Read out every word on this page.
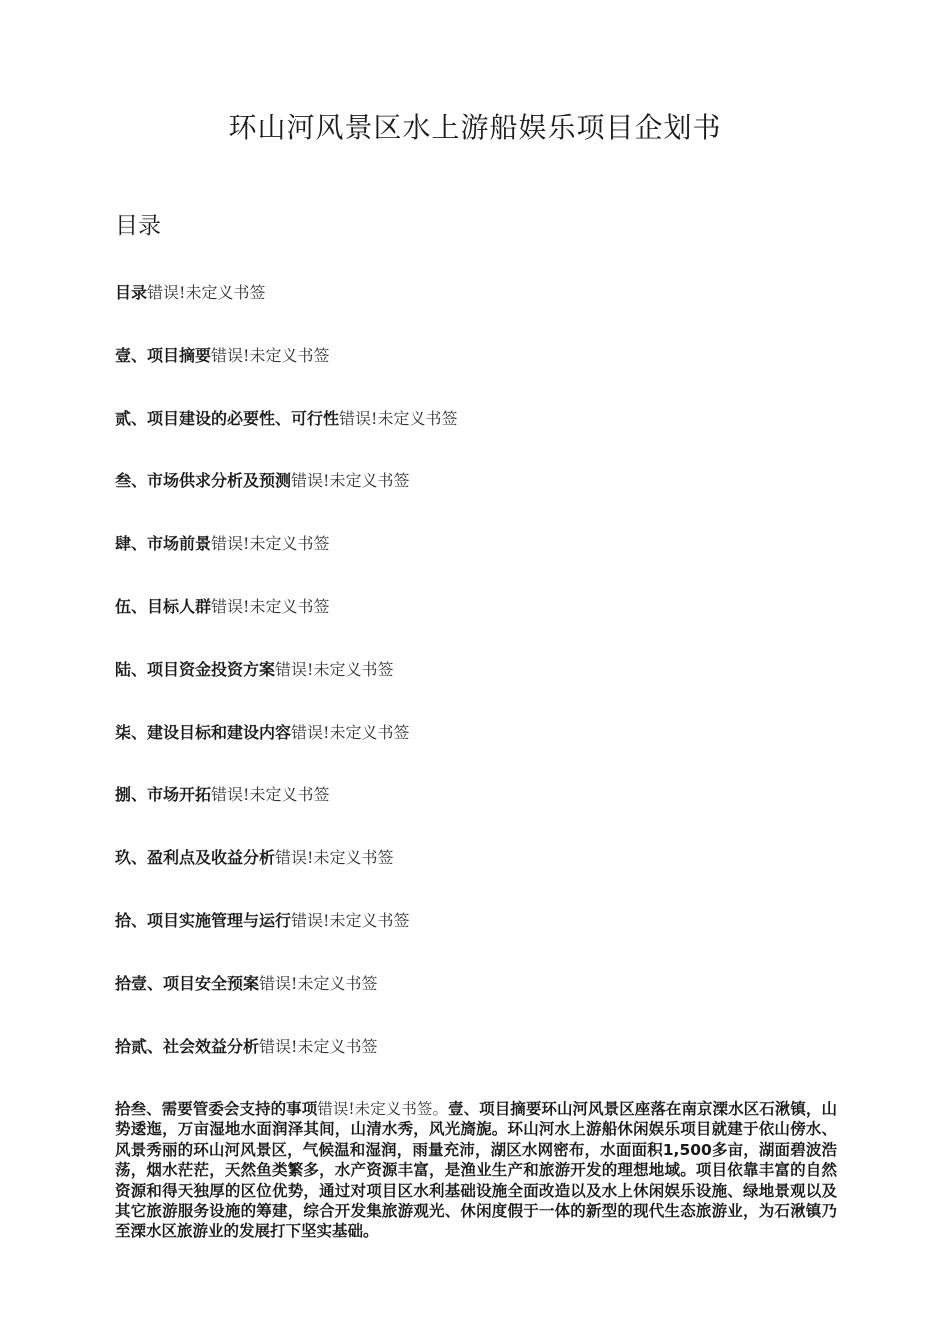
环山河风景区水上游船娱乐项目企划书
目录
目录错误!未定义书签
壹、项目摘要错误!未定义书签
贰、项目建设的必要性、可行性错误!未定义书签
叁、市场供求分析及预测错误!未定义书签
肆、市场前景错误!未定义书签
伍、目标人群错误!未定义书签
陆、项目资金投资方案错误!未定义书签
柒、建设目标和建设内容错误!未定义书签
捌、市场开拓错误!未定义书签
玖、盈利点及收益分析错误!未定义书签
拾、项目实施管理与运行错误!未定义书签
拾壹、项目安全预案错误!未定义书签
拾贰、社会效益分析错误!未定义书签

拾叁、需要管委会支持的事项错误!未定义书签。壹、项目摘要环山河风景区座落在南京溧水区石湫镇，山势逶迤，万亩湿地水面润泽其间，山清水秀，风光旖旎。环山河水上游船休闲娱乐项目就建于依山傍水、风景秀丽的环山河风景区，气候温和湿润，雨量充沛，湖区水网密布，水面面积1,500多亩，湖面碧波浩荡，烟水茫茫，天然鱼类繁多，水产资源丰富，是渔业生产和旅游开发的理想地域。项目依靠丰富的自然资源和得天独厚的区位优势，通过对项目区水利基础设施全面改造以及水上休闲娱乐设施、绿地景观以及其它旅游服务设施的筹建，综合开发集旅游观光、休闲度假于一体的新型的现代生态旅游业，为石湫镇乃至溧水区旅游业的发展打下坚实基础。
